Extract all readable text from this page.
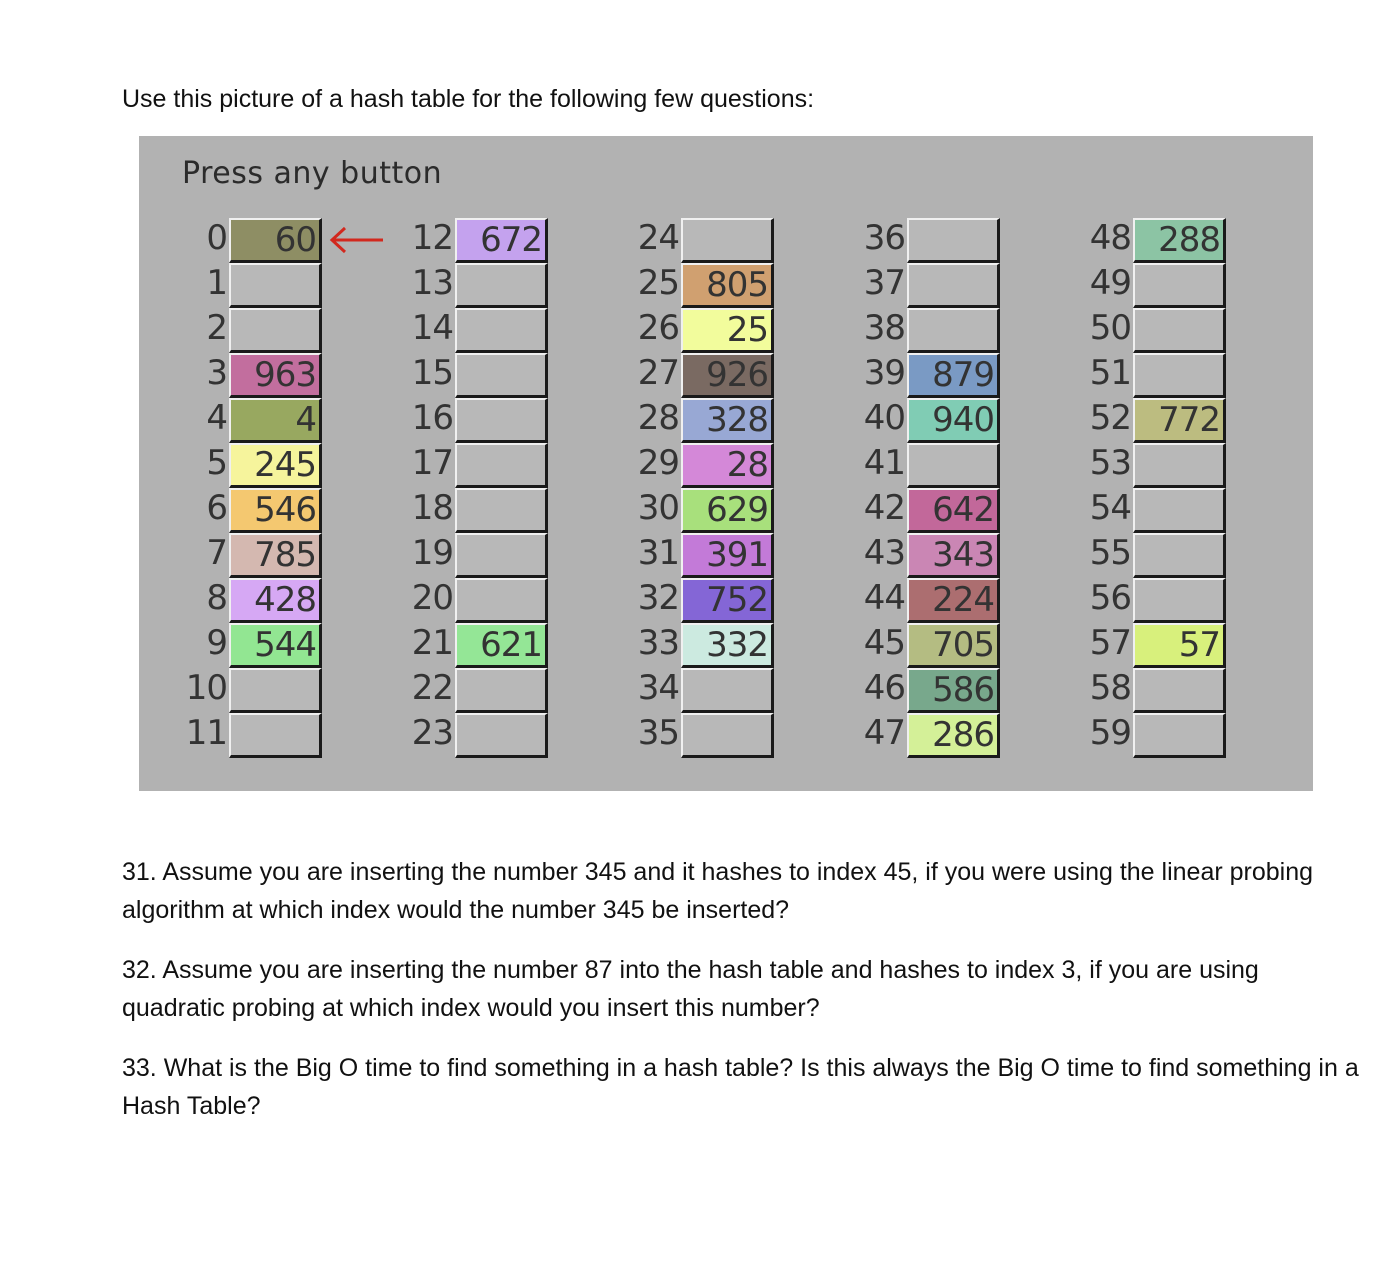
Use this picture of a hash table for the following few questions:
Press any button
0	60
1
2
3 963
4	4
5 245
6 546
7 785
8 428
9 544
10
11
12 672
13
14
15
16
17
18
19
20
21 621
22
23
24
25 805
26	25
27 926
28 328
29	28
30 629
31 391
32 752
33 332
34
35
36
37
38
39 879
40 940
41
42 642
43 343
44 224
45 705
46 586
47 286
48 288
49
50
51
52 772
53
54
55
56
57	57
58
59

31. Assume you are inserting the number 345 and it hashes to index 45, if you were using the linear probing algorithm at which index would the number 345 be inserted?

32. Assume you are inserting the number 87 into the hash table and hashes to index 3, if you are using quadratic probing at which index would you insert this number?

33. What is the Big O time to find something in a hash table? Is this always the Big O time to find something in a Hash Table?
